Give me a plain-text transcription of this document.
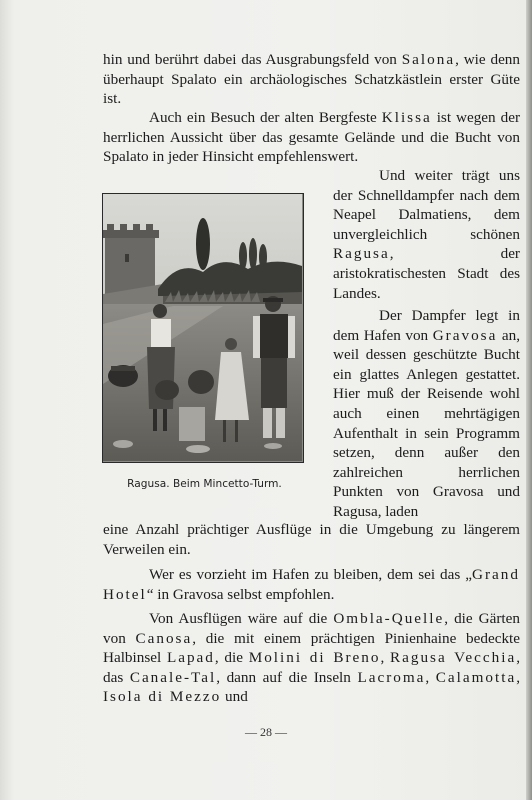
hin und berührt dabei das Ausgrabungsfeld von Salona, wie denn überhaupt Spalato ein archäologisches Schatzkästlein erster Güte ist.

Auch ein Besuch der alten Bergfeste Klissa ist wegen der herrlichen Aussicht über das gesamte Gelände und die Bucht von Spalato in jeder Hinsicht empfehlenswert.

Und weiter trägt uns der Schnelldampfer nach dem Neapel Dalmatiens, dem unvergleichlich schönen Ragusa, der aristokratischesten Stadt des Landes.

Der Dampfer legt in dem Hafen von Gravosa an, weil dessen geschützte Bucht ein glattes Anlegen gestattet. Hier muß der Reisende wohl auch einen mehrtägigen Aufenthalt in sein Programm setzen, denn außer den zahlreichen herrlichen Punkten von Gravosa und Ragusa, laden

Ragusa. Beim Mincetto-Turm.

eine Anzahl prächtiger Ausflüge in die Umgebung zu längerem Verweilen ein.

Wer es vorzieht im Hafen zu bleiben, dem sei das „Grand Hotel“ in Gravosa selbst empfohlen.

Von Ausflügen wäre auf die Ombla-Quelle, die Gärten von Canosa, die mit einem prächtigen Pinienhaine bedeckte Halbinsel Lapad, die Molini di Breno, Ragusa Vecchia, das Canale-Tal, dann auf die Inseln Lacroma, Calamotta, Isola di Mezzo und

— 28 —
